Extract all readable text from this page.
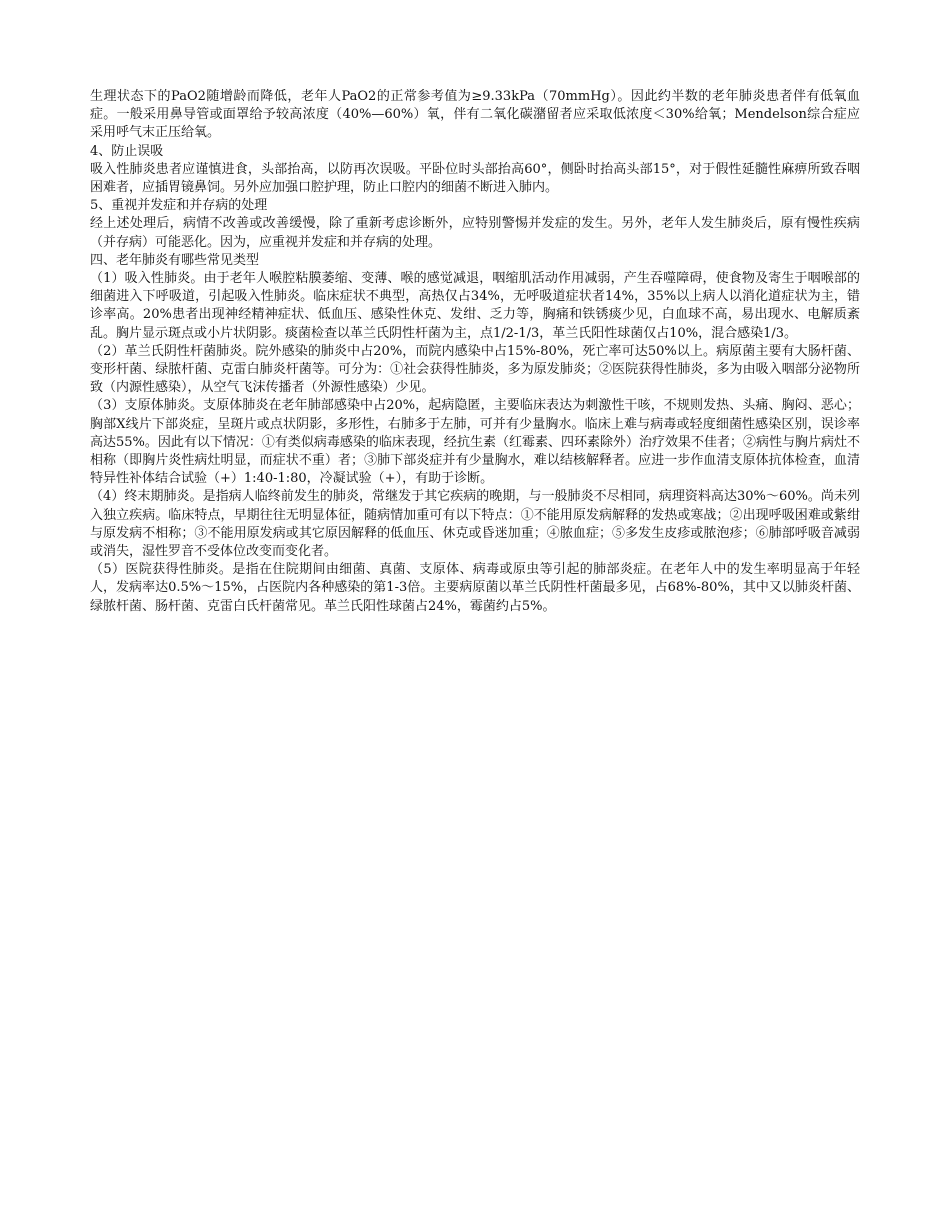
生理状态下的PaO2随增龄而降低，老年人PaO2的正常参考值为≥9.33kPa（70mmHg）。因此约半数的老年肺炎患者伴有低氧血症。一般采用鼻导管或面罩给予较高浓度（40%—60%）氧，伴有二氧化碳潴留者应采取低浓度＜30%给氧；Mendelson综合症应采用呼气末正压给氧。

4、防止误吸

吸入性肺炎患者应谨慎进食，头部抬高，以防再次误吸。平卧位时头部抬高60°，侧卧时抬高头部15°，对于假性延髓性麻痹所致吞咽困难者，应插胃镜鼻饲。另外应加强口腔护理，防止口腔内的细菌不断进入肺内。

5、重视并发症和并存病的处理

经上述处理后，病情不改善或改善缓慢，除了重新考虑诊断外，应特别警惕并发症的发生。另外，老年人发生肺炎后，原有慢性疾病（并存病）可能恶化。因为，应重视并发症和并存病的处理。

四、老年肺炎有哪些常见类型

（1）吸入性肺炎。由于老年人喉腔粘膜萎缩、变薄、喉的感觉减退，咽缩肌活动作用减弱，产生吞噬障碍，使食物及寄生于咽喉部的细菌进入下呼吸道，引起吸入性肺炎。临床症状不典型，高热仅占34%，无呼吸道症状者14%，35%以上病人以消化道症状为主，错诊率高。20%患者出现神经精神症状、低血压、感染性休克、发绀、乏力等，胸痛和铁锈痰少见，白血球不高，易出现水、电解质紊乱。胸片显示斑点或小片状阴影。痰菌检查以革兰氏阴性杆菌为主，点1/2-1/3，革兰氏阳性球菌仅占10%，混合感染1/3。

（2）革兰氏阴性杆菌肺炎。院外感染的肺炎中占20%，而院内感染中占15%-80%，死亡率可达50%以上。病原菌主要有大肠杆菌、变形杆菌、绿脓杆菌、克雷白肺炎杆菌等。可分为：①社会获得性肺炎，多为原发肺炎；②医院获得性肺炎，多为由吸入咽部分泌物所致（内源性感染），从空气飞沫传播者（外源性感染）少见。

（3）支原体肺炎。支原体肺炎在老年肺部感染中占20%，起病隐匿，主要临床表达为刺激性干咳，不规则发热、头痛、胸闷、恶心；胸部X线片下部炎症，呈斑片或点状阴影，多形性，右肺多于左肺，可并有少量胸水。临床上难与病毒或轻度细菌性感染区别，误诊率高达55%。因此有以下情况：①有类似病毒感染的临床表现，经抗生素（红霉素、四环素除外）治疗效果不佳者；②病性与胸片病灶不相称（即胸片炎性病灶明显，而症状不重）者；③肺下部炎症并有少量胸水，难以结核解释者。应进一步作血清支原体抗体检查，血清特异性补体结合试验（+）1:40-1:80，冷凝试验（+），有助于诊断。

（4）终末期肺炎。是指病人临终前发生的肺炎，常继发于其它疾病的晚期，与一般肺炎不尽相同，病理资料高达30%～60%。尚未列入独立疾病。临床特点，早期往往无明显体征，随病情加重可有以下特点：①不能用原发病解释的发热或寒战；②出现呼吸困难或紫绀与原发病不相称；③不能用原发病或其它原因解释的低血压、休克或昏迷加重；④脓血症；⑤多发生皮疹或脓泡疹；⑥肺部呼吸音减弱或消失，湿性罗音不受体位改变而变化者。

（5）医院获得性肺炎。是指在住院期间由细菌、真菌、支原体、病毒或原虫等引起的肺部炎症。在老年人中的发生率明显高于年轻人，发病率达0.5%～15%，占医院内各种感染的第1-3倍。主要病原菌以革兰氏阴性杆菌最多见，占68%-80%，其中又以肺炎杆菌、绿脓杆菌、肠杆菌、克雷白氏杆菌常见。革兰氏阳性球菌占24%，霉菌约占5%。
